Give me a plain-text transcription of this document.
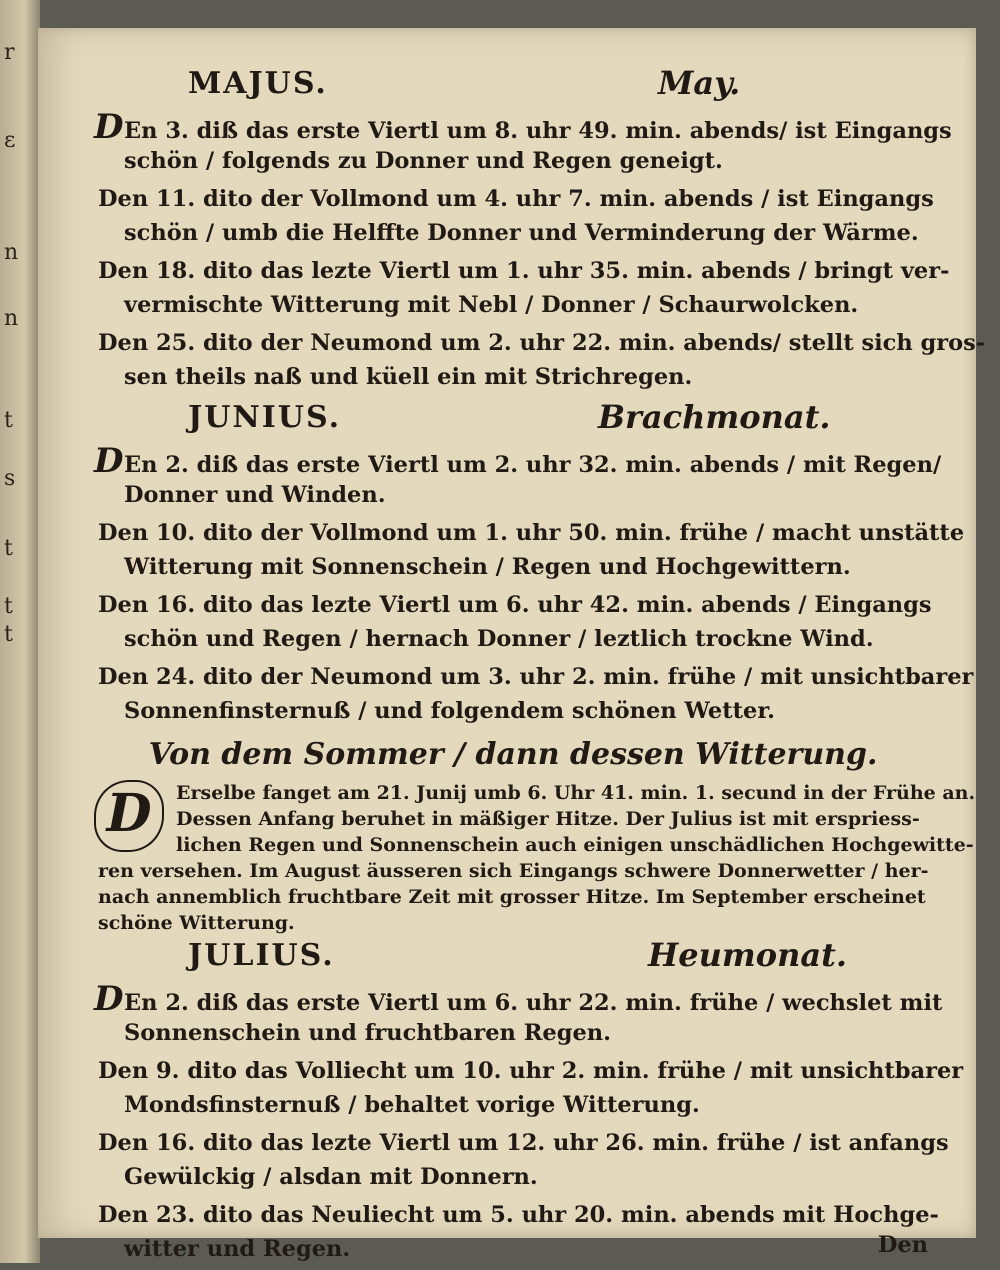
r
ε
n
n
t
s
t
t
t
MAJUS.	May.
DEn 3. diß das erste Viertl um 8. uhr 49. min. abends/ ist Eingangs
schön / folgends zu Donner und Regen geneigt.
Den 11. dito der Vollmond um 4. uhr 7. min. abends / ist Eingangs
schön / umb die Helffte Donner und Verminderung der Wärme.
Den 18. dito das lezte Viertl um 1. uhr 35. min. abends / bringt ver-
vermischte Witterung mit Nebl / Donner / Schaurwolcken.
Den 25. dito der Neumond um 2. uhr 22. min. abends/ stellt sich gros-
sen theils naß und küell ein mit Strichregen.
JUNIUS.	Brachmonat.
DEn 2. diß das erste Viertl um 2. uhr 32. min. abends / mit Regen/
Donner und Winden.
Den 10. dito der Vollmond um 1. uhr 50. min. frühe / macht unstätte
Witterung mit Sonnenschein / Regen und Hochgewittern.
Den 16. dito das lezte Viertl um 6. uhr 42. min. abends / Eingangs
schön und Regen / hernach Donner / leztlich trockne Wind.
Den 24. dito der Neumond um 3. uhr 2. min. frühe / mit unsichtbarer
Sonnenfinsternuß / und folgendem schönen Wetter.
Von dem Sommer / dann dessen Witterung.
D	Erselbe fanget am 21. Junij umb 6. Uhr 41. min. 1. secund in der Frühe an.
Dessen Anfang beruhet in mäßiger Hitze. Der Julius ist mit erspriess-
lichen Regen und Sonnenschein auch einigen unschädlichen Hochgewitte-
ren versehen. Im August äusseren sich Eingangs schwere Donnerwetter / her-
nach annemblich fruchtbare Zeit mit grosser Hitze. Im September erscheinet
schöne Witterung.
JULIUS.	Heumonat.
DEn 2. diß das erste Viertl um 6. uhr 22. min. frühe / wechslet mit
Sonnenschein und fruchtbaren Regen.
Den 9. dito das Volliecht um 10. uhr 2. min. frühe / mit unsichtbarer
Mondsfinsternuß / behaltet vorige Witterung.
Den 16. dito das lezte Viertl um 12. uhr 26. min. frühe / ist anfangs
Gewülckig / alsdan mit Donnern.
Den 23. dito das Neuliecht um 5. uhr 20. min. abends mit Hochge-
witter und Regen.	Den
